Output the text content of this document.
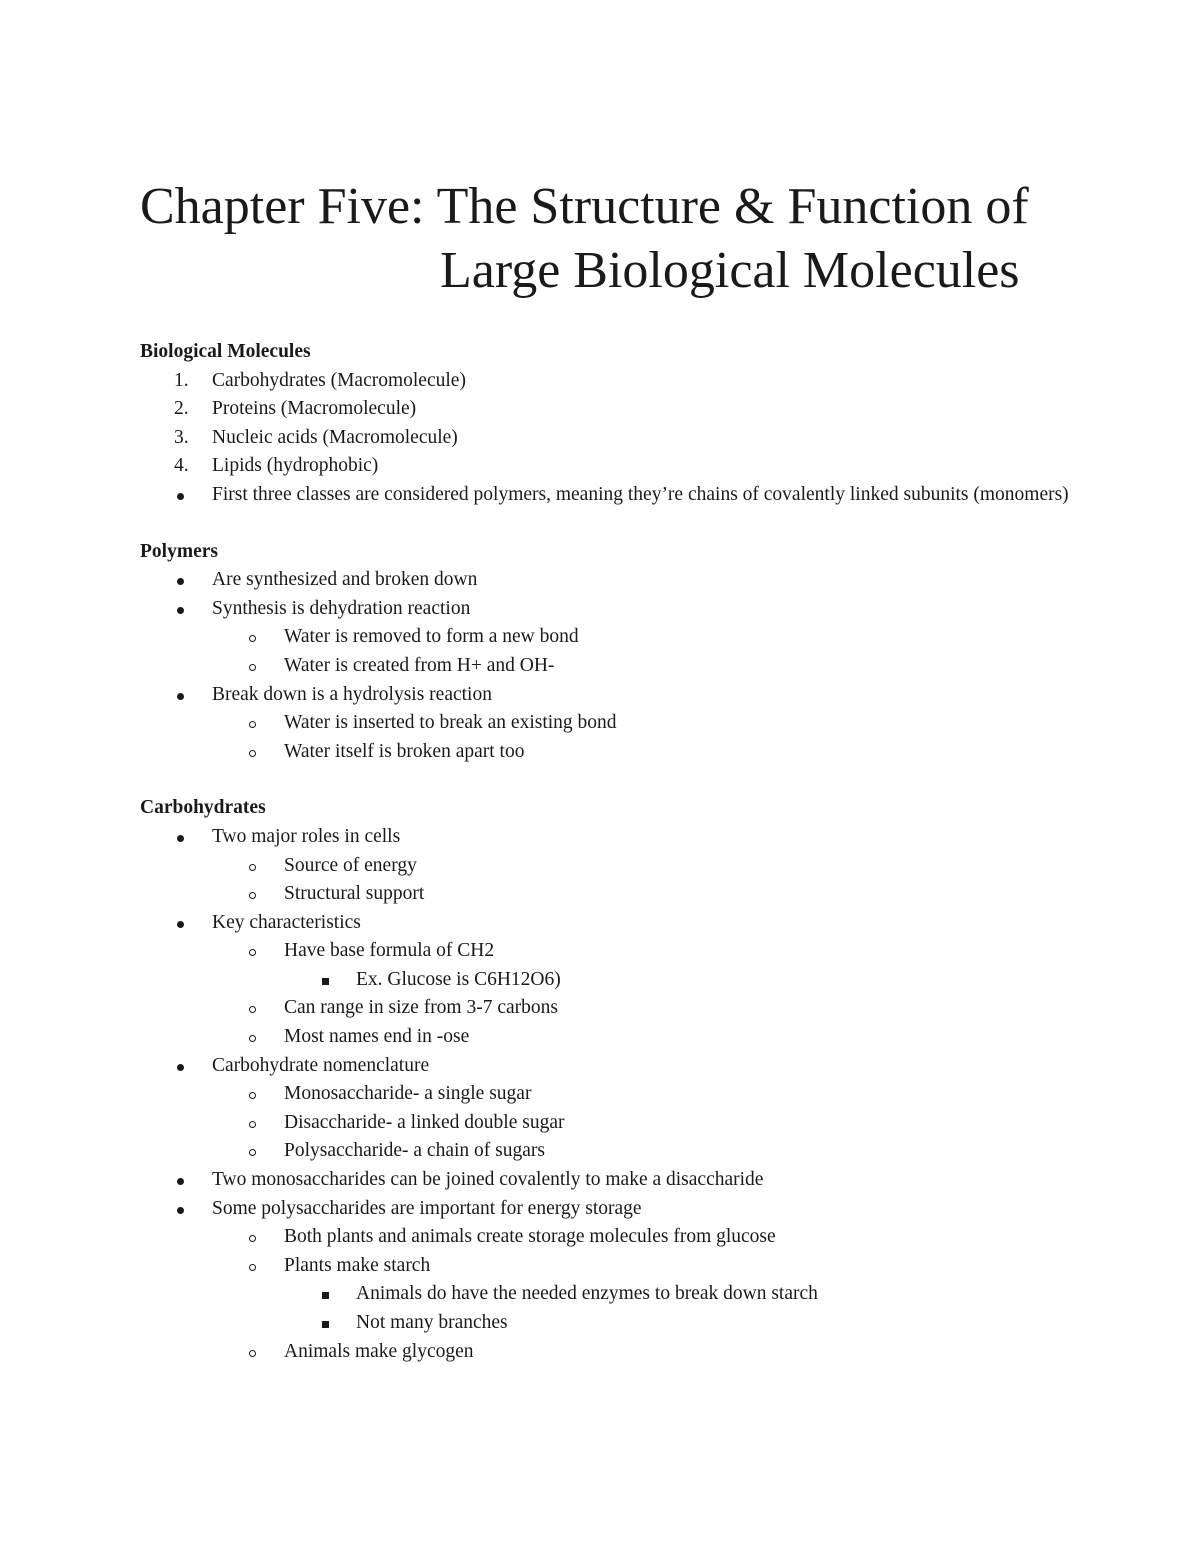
Chapter Five: The Structure & Function of
Large Biological Molecules

Biological Molecules

1.	Carbohydrates (Macromolecule)
2.	Proteins (Macromolecule)
3.	Nucleic acids (Macromolecule)
4.	Lipids (hydrophobic)
First three classes are considered polymers, meaning they’re chains of covalently linked subunits (monomers)

Polymers

Are synthesized and broken down
Synthesis is dehydration reaction
Water is removed to form a new bond
Water is created from H+ and OH-
Break down is a hydrolysis reaction
Water is inserted to break an existing bond
Water itself is broken apart too

Carbohydrates

Two major roles in cells
Source of energy
Structural support
Key characteristics
Have base formula of CH2
Ex. Glucose is C6H12O6)
Can range in size from 3-7 carbons
Most names end in -ose
Carbohydrate nomenclature
Monosaccharide- a single sugar
Disaccharide- a linked double sugar
Polysaccharide- a chain of sugars
Two monosaccharides can be joined covalently to make a disaccharide
Some polysaccharides are important for energy storage
Both plants and animals create storage molecules from glucose
Plants make starch
Animals do have the needed enzymes to break down starch
Not many branches
Animals make glycogen
